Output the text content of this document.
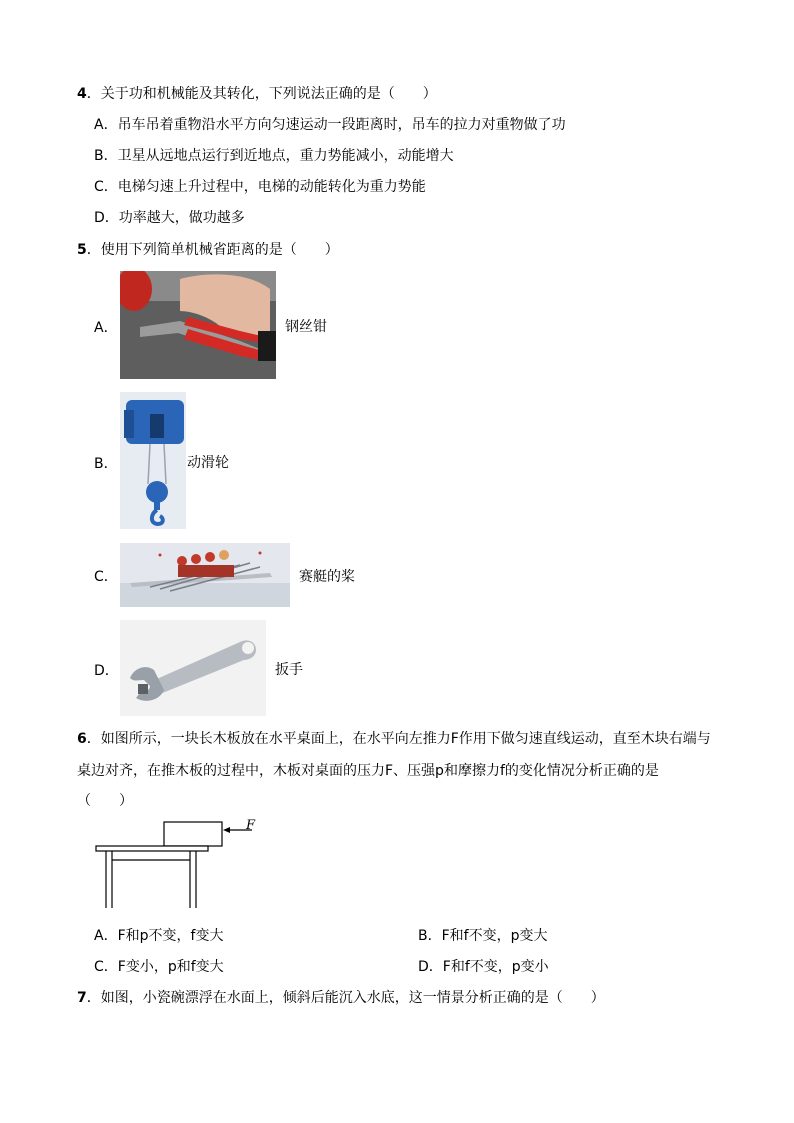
4．关于功和机械能及其转化，下列说法正确的是（　　）
A．吊车吊着重物沿水平方向匀速运动一段距离时，吊车的拉力对重物做了功
B．卫星从远地点运行到近地点，重力势能减小，动能增大
C．电梯匀速上升过程中，电梯的动能转化为重力势能
D．功率越大，做功越多
5．使用下列简单机械省距离的是（　　）
A．	钢丝钳
B．	动滑轮
C．	赛艇的桨
D．	扳手
6．如图所示，一块长木板放在水平桌面上，在水平向左推力F作用下做匀速直线运动，直至木块右端与
桌边对齐，在推木板的过程中，木板对桌面的压力F、压强p和摩擦力f的变化情况分析正确的是
（　　）
F
A．F和p不变，f变大	B．F和f不变，p变大
C．F变小，p和f变大	D．F和f不变，p变小
7．如图，小瓷碗漂浮在水面上，倾斜后能沉入水底，这一情景分析正确的是（　　）
